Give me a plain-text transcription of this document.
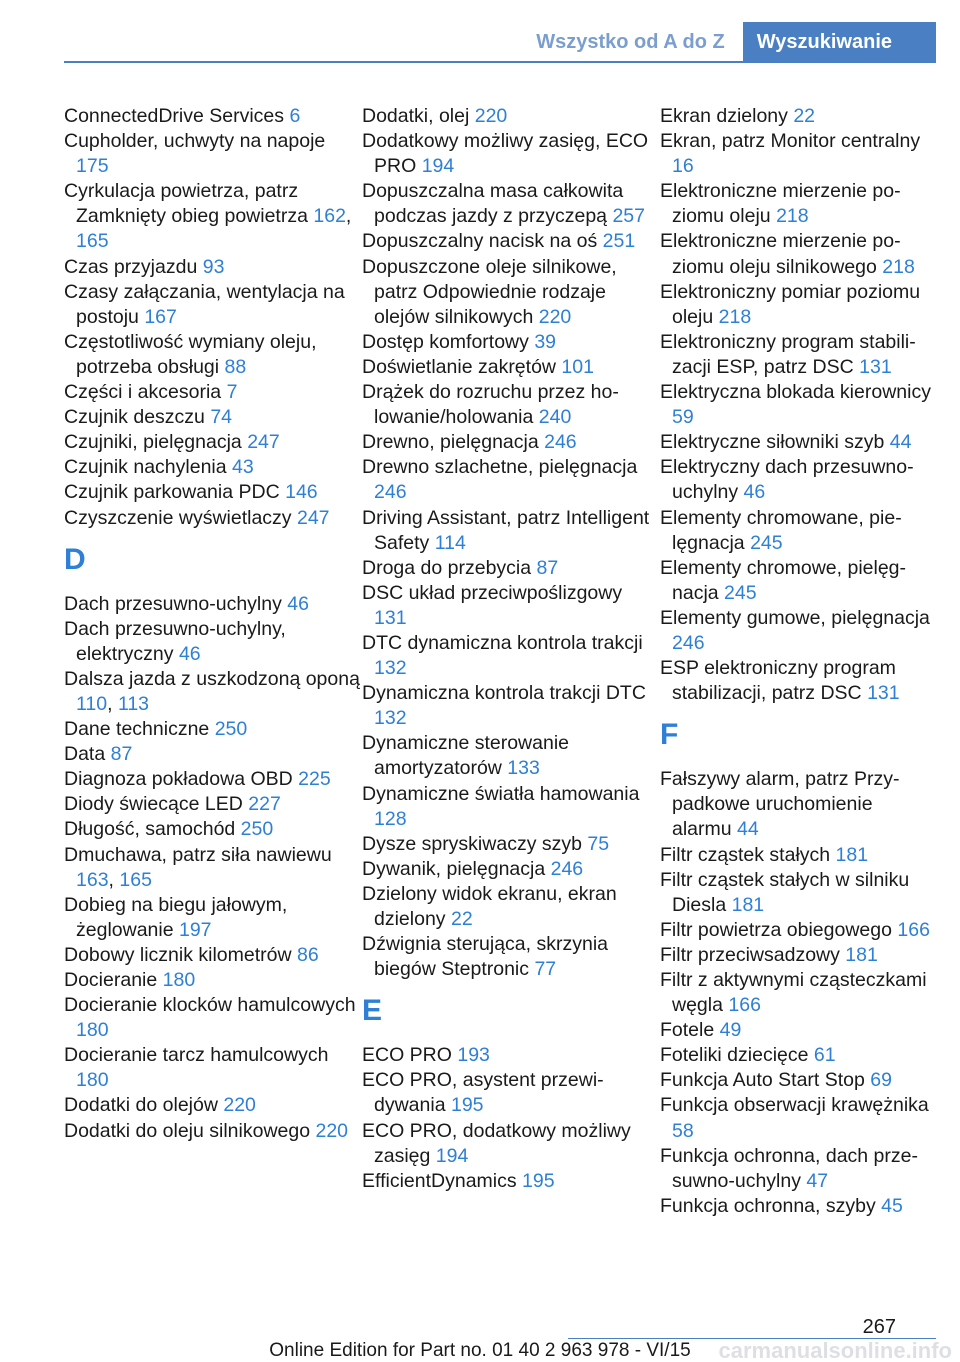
Wszystko od A do Z	Wyszukiwanie
ConnectedDrive Services 6
Cupholder, uchwyty na napoje 175
Cyrkulacja powietrza, patrz Zamknięty obieg powietrza 162, 165
Czas przyjazdu 93
Czasy załączania, wentylacja na postoju 167
Częstotliwość wymiany oleju, potrzeba obsługi 88
Części i akcesoria 7
Czujnik deszczu 74
Czujniki, pielęgnacja 247
Czujnik nachylenia 43
Czujnik parkowania PDC 146
Czyszczenie wyświetlaczy 247
D
Dach przesuwno-uchylny 46
Dach przesuwno-uchylny, elektryczny 46
Dalsza jazda z uszkodzoną oponą 110, 113
Dane techniczne 250
Data 87
Diagnoza pokładowa OBD 225
Diody świecące LED 227
Długość, samochód 250
Dmuchawa, patrz siła nawiewu 163, 165
Dobieg na biegu jałowym, żeglowanie 197
Dobowy licznik kilometrów 86
Docieranie 180
Docieranie klocków hamulcowych 180
Docieranie tarcz hamulcowych 180
Dodatki do olejów 220
Dodatki do oleju silnikowego 220
Dodatki, olej 220
Dodatkowy możliwy zasięg, ECO PRO 194
Dopuszczalna masa całkowita podczas jazdy z przyczepą 257
Dopuszczalny nacisk na oś 251
Dopuszczone oleje silnikowe, patrz Odpowiednie rodzaje olejów silnikowych 220
Dostęp komfortowy 39
Doświetlanie zakrętów 101
Drążek do rozruchu przez holowanie/holowania 240
Drewno, pielęgnacja 246
Drewno szlachetne, pielęgnacja 246
Driving Assistant, patrz Intelligent Safety 114
Droga do przebycia 87
DSC układ przeciwpoślizgowy 131
DTC dynamiczna kontrola trakcji 132
Dynamiczna kontrola trakcji DTC 132
Dynamiczne sterowanie amortyzatorów 133
Dynamiczne światła hamowania 128
Dysze spryskiwaczy szyb 75
Dywanik, pielęgnacja 246
Dzielony widok ekranu, ekran dzielony 22
Dźwignia sterująca, skrzynia biegów Steptronic 77
E
ECO PRO 193
ECO PRO, asystent przewidywania 195
ECO PRO, dodatkowy możliwy zasięg 194
EfficientDynamics 195
Ekran dzielony 22
Ekran, patrz Monitor centralny 16
Elektroniczne mierzenie poziomu oleju 218
Elektroniczne mierzenie poziomu oleju silnikowego 218
Elektroniczny pomiar poziomu oleju 218
Elektroniczny program stabilizacji ESP, patrz DSC 131
Elektryczna blokada kierownicy 59
Elektryczne siłowniki szyb 44
Elektryczny dach przesuwno-uchylny 46
Elementy chromowane, pielęgnacja 245
Elementy chromowe, pielęgnacja 245
Elementy gumowe, pielęgnacja 246
ESP elektroniczny program stabilizacji, patrz DSC 131
F
Fałszywy alarm, patrz Przypadkowe uruchomienie alarmu 44
Filtr cząstek stałych 181
Filtr cząstek stałych w silniku Diesla 181
Filtr powietrza obiegowego 166
Filtr przeciwsadzowy 181
Filtr z aktywnymi cząsteczkami węgla 166
Fotele 49
Foteliki dziecięce 61
Funkcja Auto Start Stop 69
Funkcja obserwacji krawężnika 58
Funkcja ochronna, dach przesuwno-uchylny 47
Funkcja ochronna, szyby 45
267
Online Edition for Part no. 01 40 2 963 978 - VI/15	carmanualsonline.info
